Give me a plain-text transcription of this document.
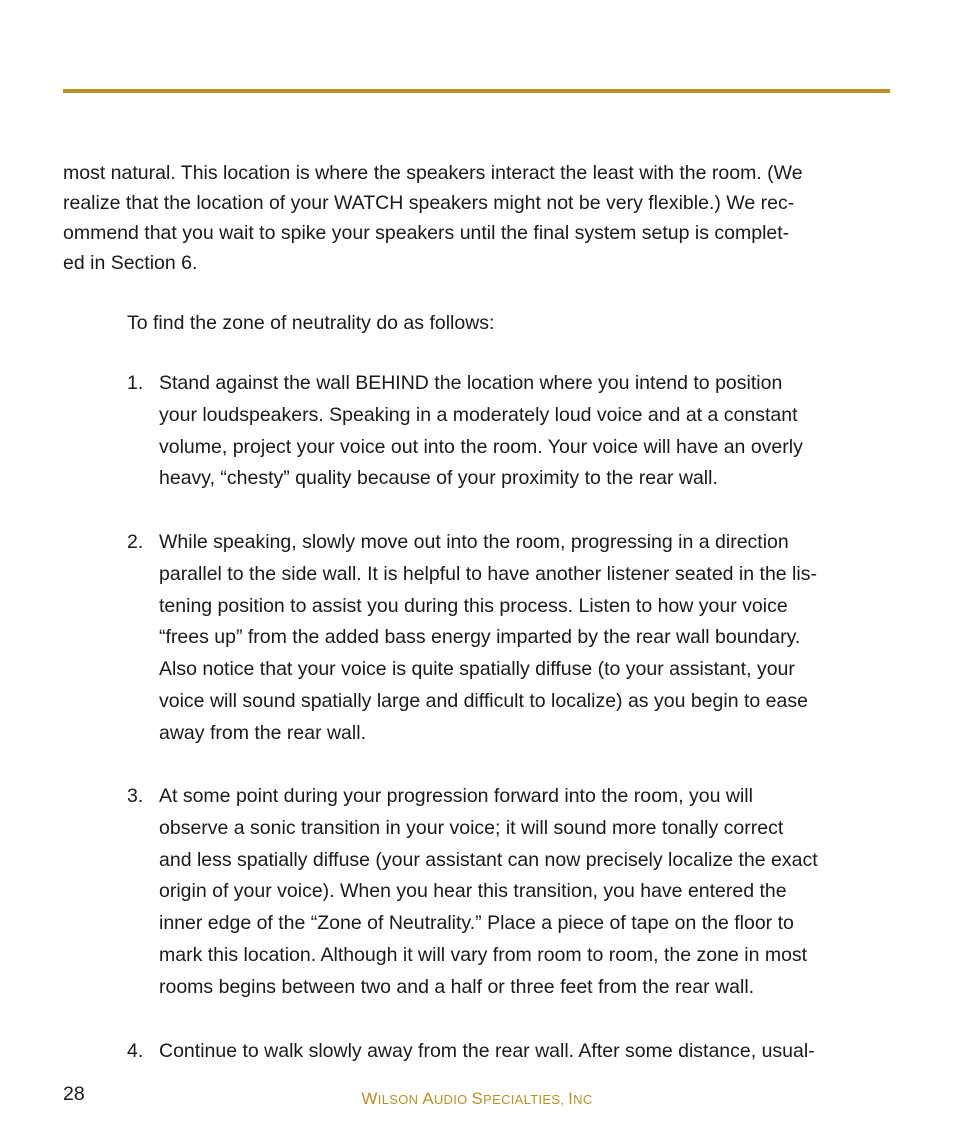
most natural. This location is where the speakers interact the least with the room. (We
realize that the location of your WATCH speakers might not be very flexible.) We rec-
ommend that you wait to spike your speakers until the final system setup is complet-
ed in Section 6.

To find the zone of neutrality do as follows:

1. Stand against the wall BEHIND the location where you intend to position
your loudspeakers. Speaking in a moderately loud voice and at a constant
volume, project your voice out into the room. Your voice will have an overly
heavy, “chesty” quality because of your proximity to the rear wall.
2. While speaking, slowly move out into the room, progressing in a direction
parallel to the side wall. It is helpful to have another listener seated in the lis-
tening position to assist you during this process. Listen to how your voice
“frees up” from the added bass energy imparted by the rear wall boundary.
Also notice that your voice is quite spatially diffuse (to your assistant, your
voice will sound spatially large and difficult to localize) as you begin to ease
away from the rear wall.
3. At some point during your progression forward into the room, you will
observe a sonic transition in your voice; it will sound more tonally correct
and less spatially diffuse (your assistant can now precisely localize the exact
origin of your voice). When you hear this transition, you have entered the
inner edge of the “Zone of Neutrality.” Place a piece of tape on the floor to
mark this location. Although it will vary from room to room, the zone in most
rooms begins between two and a half or three feet from the rear wall.
4. Continue to walk slowly away from the rear wall. After some distance, usual-
28	WILSON AUDIO SPECIALTIES, INC
